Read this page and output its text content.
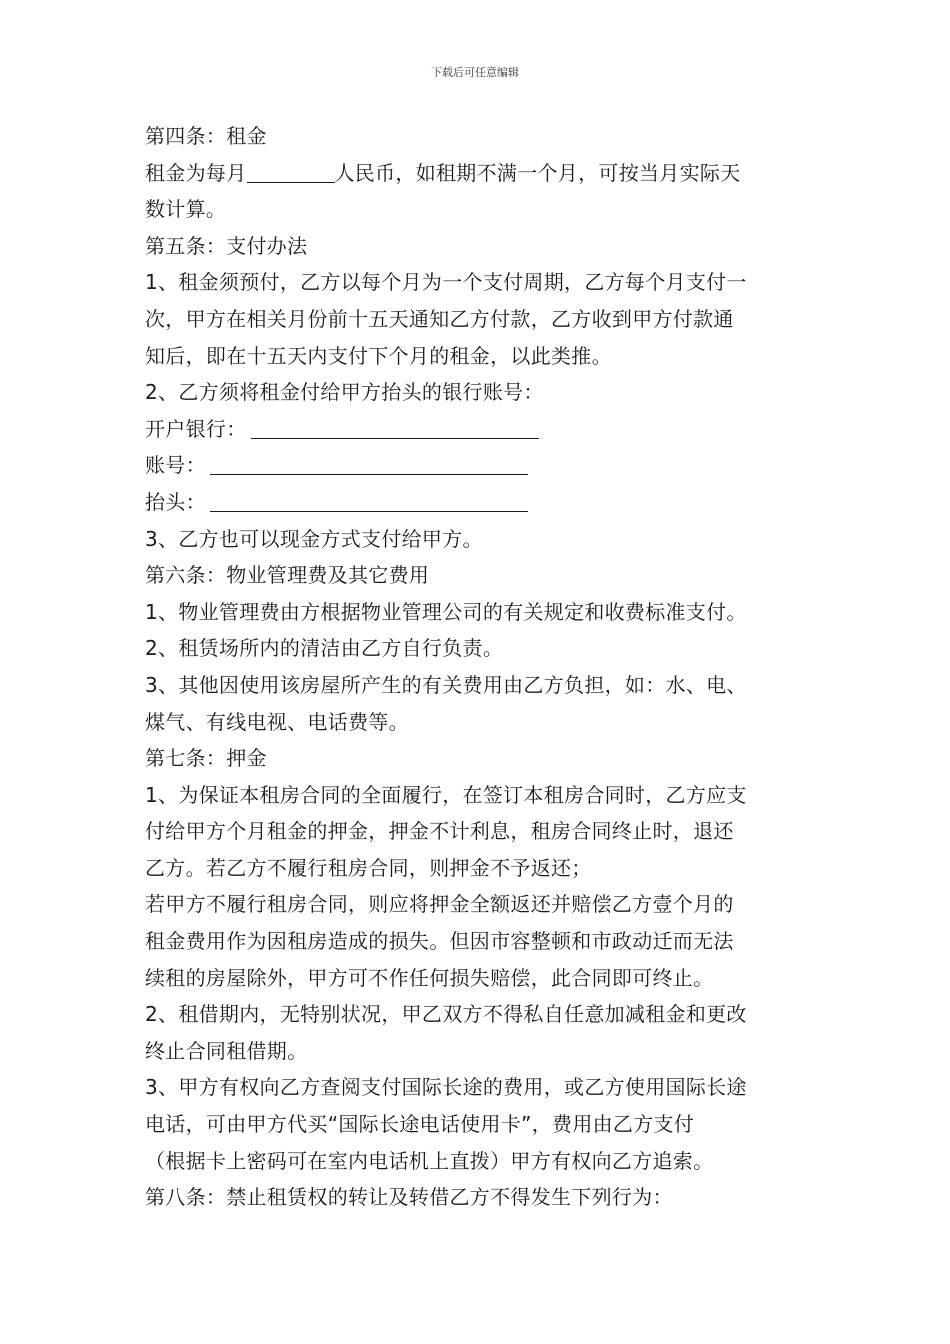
下载后可任意编辑
第四条：租金
租金为每月	人民币，如租期不满一个月，可按当月实际天
数计算。
第五条：支付办法
1、租金须预付，乙方以每个月为一个支付周期，乙方每个月支付一
次，甲方在相关月份前十五天通知乙方付款，乙方收到甲方付款通
知后，即在十五天内支付下个月的租金，以此类推。
2、乙方须将租金付给甲方抬头的银行账号：
开户银行：
账号：
抬头：
3、乙方也可以现金方式支付给甲方。
第六条：物业管理费及其它费用
1、物业管理费由方根据物业管理公司的有关规定和收费标准支付。
2、租赁场所内的清洁由乙方自行负责。
3、其他因使用该房屋所产生的有关费用由乙方负担，如：水、电、
煤气、有线电视、电话费等。
第七条：押金
1、为保证本租房合同的全面履行，在签订本租房合同时，乙方应支
付给甲方个月租金的押金，押金不计利息，租房合同终止时，退还
乙方。若乙方不履行租房合同，则押金不予返还；
若甲方不履行租房合同，则应将押金全额返还并赔偿乙方壹个月的
租金费用作为因租房造成的损失。但因市容整顿和市政动迁而无法
续租的房屋除外，甲方可不作任何损失赔偿，此合同即可终止。
2、租借期内，无特别状况，甲乙双方不得私自任意加减租金和更改
终止合同租借期。
3、甲方有权向乙方查阅支付国际长途的费用，或乙方使用国际长途
电话，可由甲方代买“国际长途电话使用卡”，费用由乙方支付
（根据卡上密码可在室内电话机上直拨）甲方有权向乙方追索。
第八条：禁止租赁权的转让及转借乙方不得发生下列行为：
